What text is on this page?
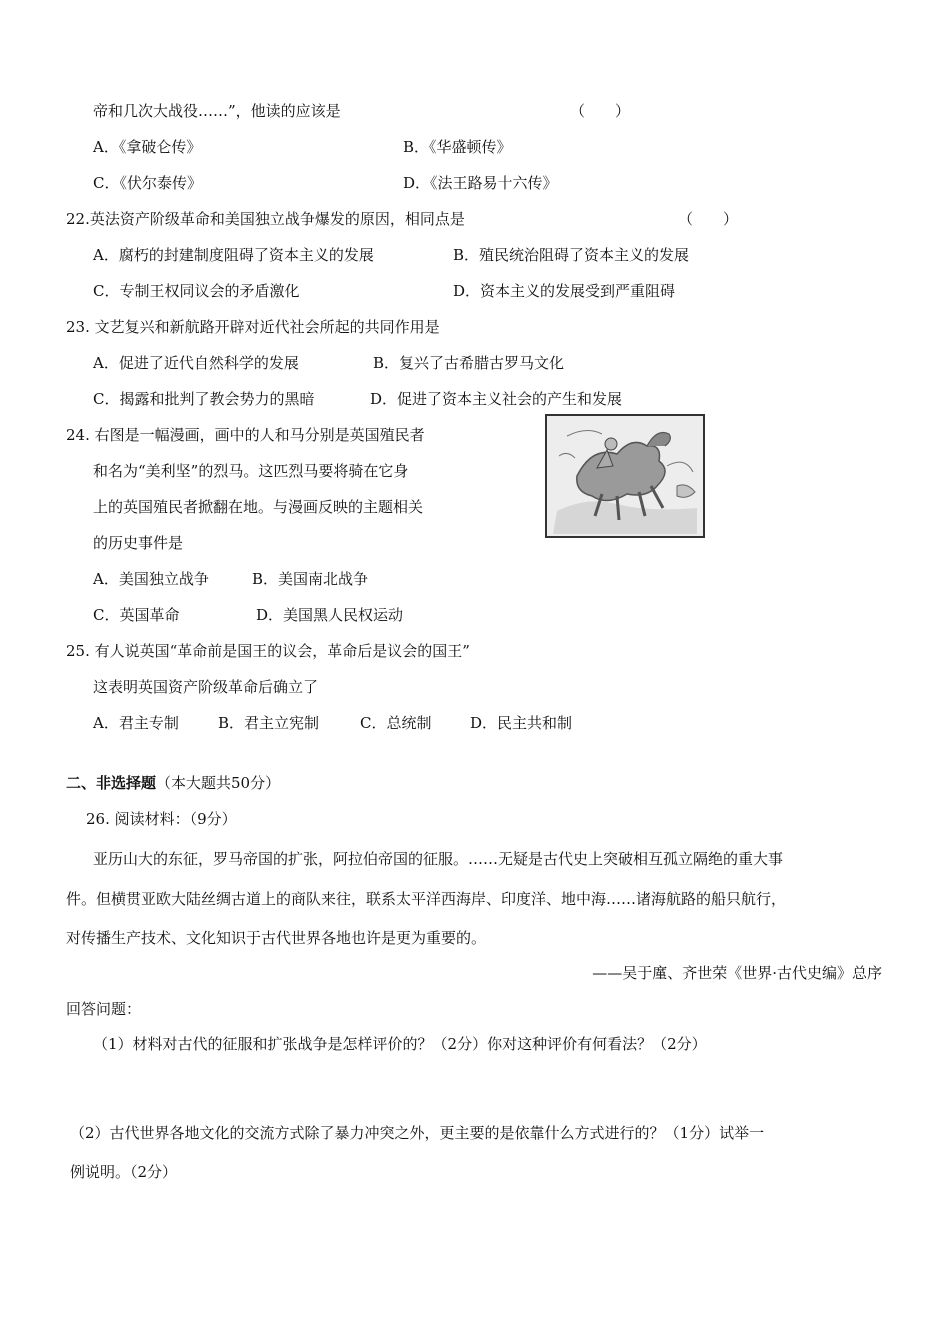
帝和几次大战役……”，他读的应该是	（　　）
A．《拿破仑传》	B．《华盛顿传》
C．《伏尔泰传》	D．《法王路易十六传》
22.英法资产阶级革命和美国独立战争爆发的原因，相同点是	（　　）
A．腐朽的封建制度阻碍了资本主义的发展	B．殖民统治阻碍了资本主义的发展
C．专制王权同议会的矛盾激化	D．资本主义的发展受到严重阻碍
23. 文艺复兴和新航路开辟对近代社会所起的共同作用是
A．促进了近代自然科学的发展	B．复兴了古希腊古罗马文化
C．揭露和批判了教会势力的黑暗	D．促进了资本主义社会的产生和发展
24. 右图是一幅漫画，画中的人和马分别是英国殖民者
和名为“美利坚”的烈马。这匹烈马要将骑在它身
上的英国殖民者掀翻在地。与漫画反映的主题相关
的历史事件是
A．美国独立战争	B．美国南北战争
C．英国革命	D．美国黑人民权运动
25. 有人说英国“革命前是国王的议会，革命后是议会的国王”
这表明英国资产阶级革命后确立了
A．君主专制	B．君主立宪制	C．总统制	D．民主共和制
二、非选择题（本大题共50分）
26. 阅读材料：（9分）
亚历山大的东征，罗马帝国的扩张，阿拉伯帝国的征服。……无疑是古代史上突破相互孤立隔绝的重大事
件。但横贯亚欧大陆丝绸古道上的商队来往，联系太平洋西海岸、印度洋、地中海……诸海航路的船只航行，
对传播生产技术、文化知识于古代世界各地也许是更为重要的。
——吴于廑、齐世荣《世界·古代史编》总序
回答问题：
（1）材料对古代的征服和扩张战争是怎样评价的？（2分）你对这种评价有何看法？（2分）
（2）古代世界各地文化的交流方式除了暴力冲突之外，更主要的是依靠什么方式进行的？（1分）试举一
例说明。（2分）
